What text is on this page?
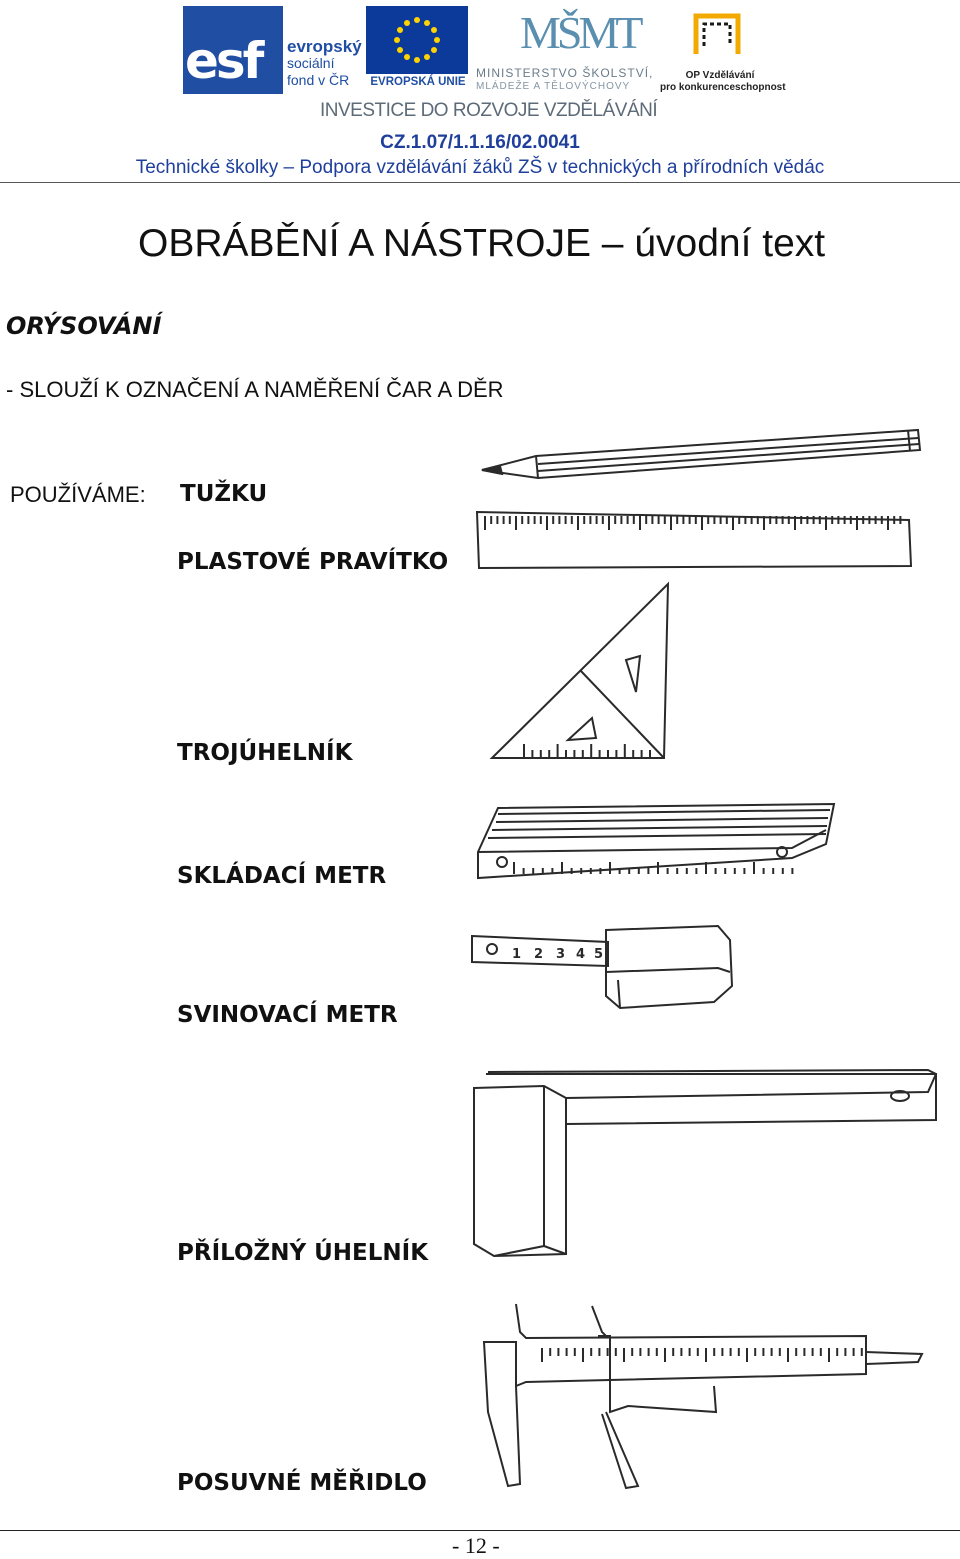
esf evropský
sociální
fond v ČR	EVROPSKÁ UNIE
MŠMT
MINISTERSTVO ŠKOLSTVÍ,
MLÁDEŽE A TĚLOVÝCHOVY
OP Vzdělávání
pro konkurenceschopnost
INVESTICE DO ROZVOJE VZDĚLÁVÁNÍ
CZ.1.07/1.1.16/02.0041
Technické školky – Podpora vzdělávání žáků ZŠ v technických a přírodních vědác
OBRÁBĚNÍ A NÁSTROJE – úvodní text
ORÝSOVÁNÍ
- SLOUŽÍ K OZNAČENÍ A NAMĚŘENÍ ČAR A DĚR
POUŽÍVÁME: TUŽKU
PLASTOVÉ PRAVÍTKO
TROJÚHELNÍK
SKLÁDACÍ METR
SVINOVACÍ METR
PŘÍLOŽNÝ ÚHELNÍK
POSUVNÉ MĚŘIDLO
1 2 3 4 5
- 12 -
